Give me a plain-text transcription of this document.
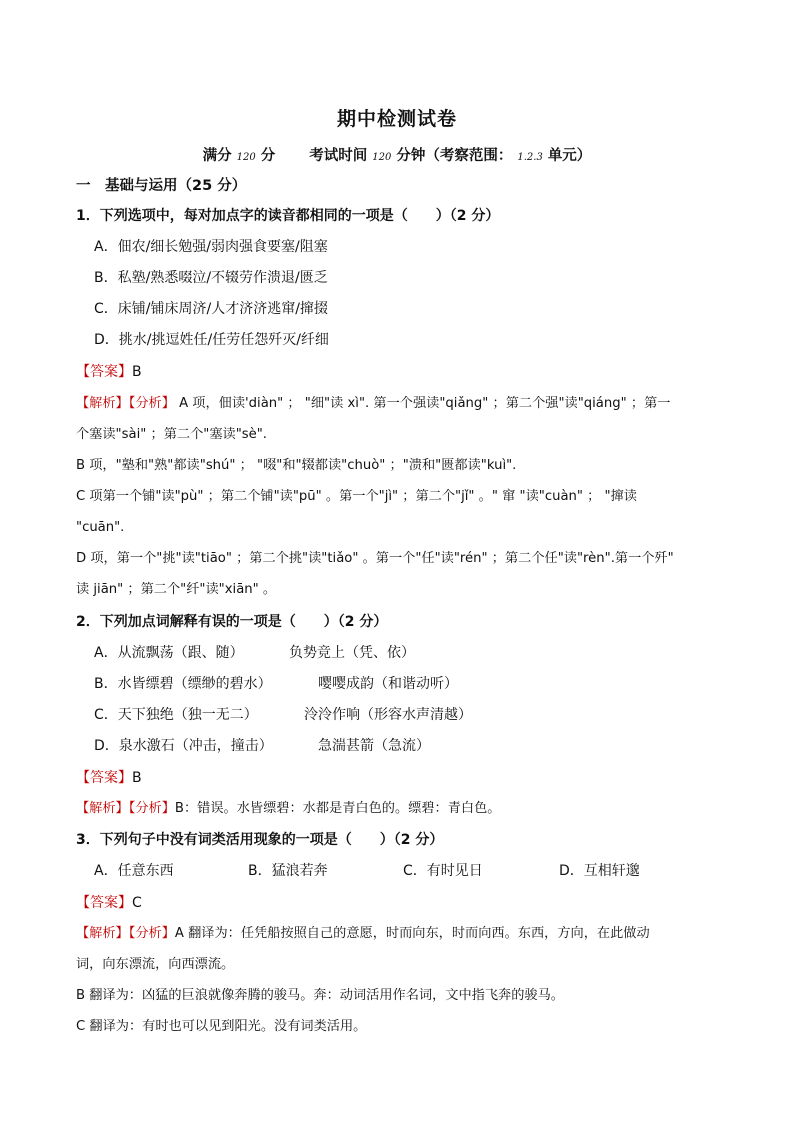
期中检测试卷
满分 120 分 考试时间 120 分钟（考察范围： 1.2.3 单元）
一　基础与运用（25 分）
1．下列选项中，每对加点字的读音都相同的一项是（　　）（2 分）
A．佃农/细长勉强/弱肉强食要塞/阻塞
B．私塾/熟悉啜泣/不辍劳作溃退/匮乏
C．床铺/铺床周济/人才济济逃窜/撺掇
D．挑水/挑逗姓任/任劳任怨歼灭/纤细
【答案】B
【解析】【分析】 A 项，佃读'diàn" ； "细"读 xì". 第一个强读"qiǎng" ；第二个强"读"qiáng" ；第一
个塞读"sài" ；第二个"塞读"sè".
B 项，"塾和"熟"都读"shú" ； "啜"和"辍都读"chuò" ；"溃和"匮都读"kuì".
C 项第一个铺"读"pù" ；第二个铺"读"pū" 。第一个"jì" ；第二个"jǐ" 。" 窜 "读"cuàn" ； "撺读
"cuān".
D 项，第一个"挑"读"tiāo" ；第二个挑"读"tiǎo" 。第一个"任"读"rén" ；第二个任"读"rèn".第一个歼"
读 jiān" ；第二个"纤"读"xiān" 。
2．下列加点词解释有误的一项是（　　）（2 分）
A．从流飘荡（跟、随）	负势竞上（凭、依）
B．水皆缥碧（缥缈的碧水）	嘤嘤成韵（和谐动听）
C．天下独绝（独一无二）	泠泠作响（形容水声清越）
D．泉水激石（冲击，撞击）	急湍甚箭（急流）
【答案】B
【解析】【分析】B：错误。水皆缥碧：水都是青白色的。缥碧：青白色。
3．下列句子中没有词类活用现象的一项是（　　）（2 分）
A．任意东西	B．猛浪若奔	C．有时见日	D．互相轩邈
【答案】C
【解析】【分析】A 翻译为：任凭船按照自己的意愿，时而向东，时而向西。东西，方向，在此做动
词，向东漂流，向西漂流。
B 翻译为：凶猛的巨浪就像奔腾的骏马。奔：动词活用作名词，文中指飞奔的骏马。
C 翻译为：有时也可以见到阳光。没有词类活用。
